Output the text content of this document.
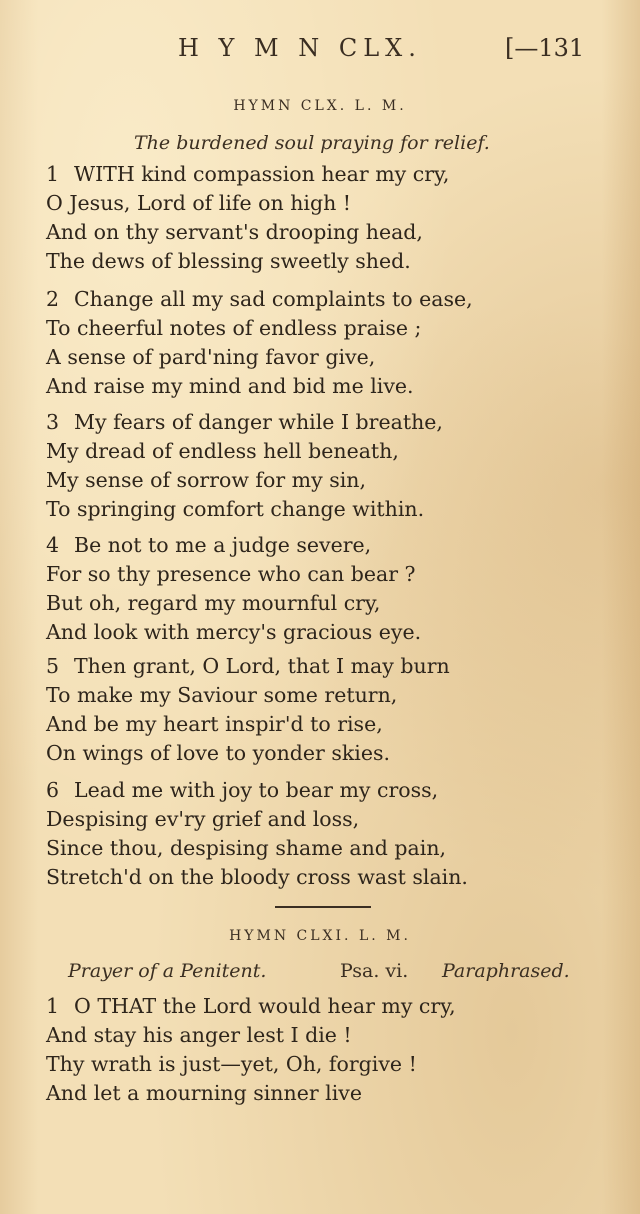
H Y M N CLX.	[—131
HYMN CLX. L. M.
The burdened soul praying for relief.
1 WITH kind compassion hear my cry,
O Jesus, Lord of life on high !
And on thy servant's drooping head,
The dews of blessing sweetly shed.
2 Change all my sad complaints to ease,
To cheerful notes of endless praise ;
A sense of pard'ning favor give,
And raise my mind and bid me live.
3 My fears of danger while I breathe,
My dread of endless hell beneath,
My sense of sorrow for my sin,
To springing comfort change within.
4 Be not to me a judge severe,
For so thy presence who can bear ?
But oh, regard my mournful cry,
And look with mercy's gracious eye.
5 Then grant, O Lord, that I may burn
To make my Saviour some return,
And be my heart inspir'd to rise,
On wings of love to yonder skies.
6 Lead me with joy to bear my cross,
Despising ev'ry grief and loss,
Since thou, despising shame and pain,
Stretch'd on the bloody cross wast slain.
HYMN CLXI. L. M.
Prayer of a Penitent.	Psa. vi. Paraphrased.
1 O THAT the Lord would hear my cry,
And stay his anger lest I die !
Thy wrath is just—yet, Oh, forgive !
And let a mourning sinner live
